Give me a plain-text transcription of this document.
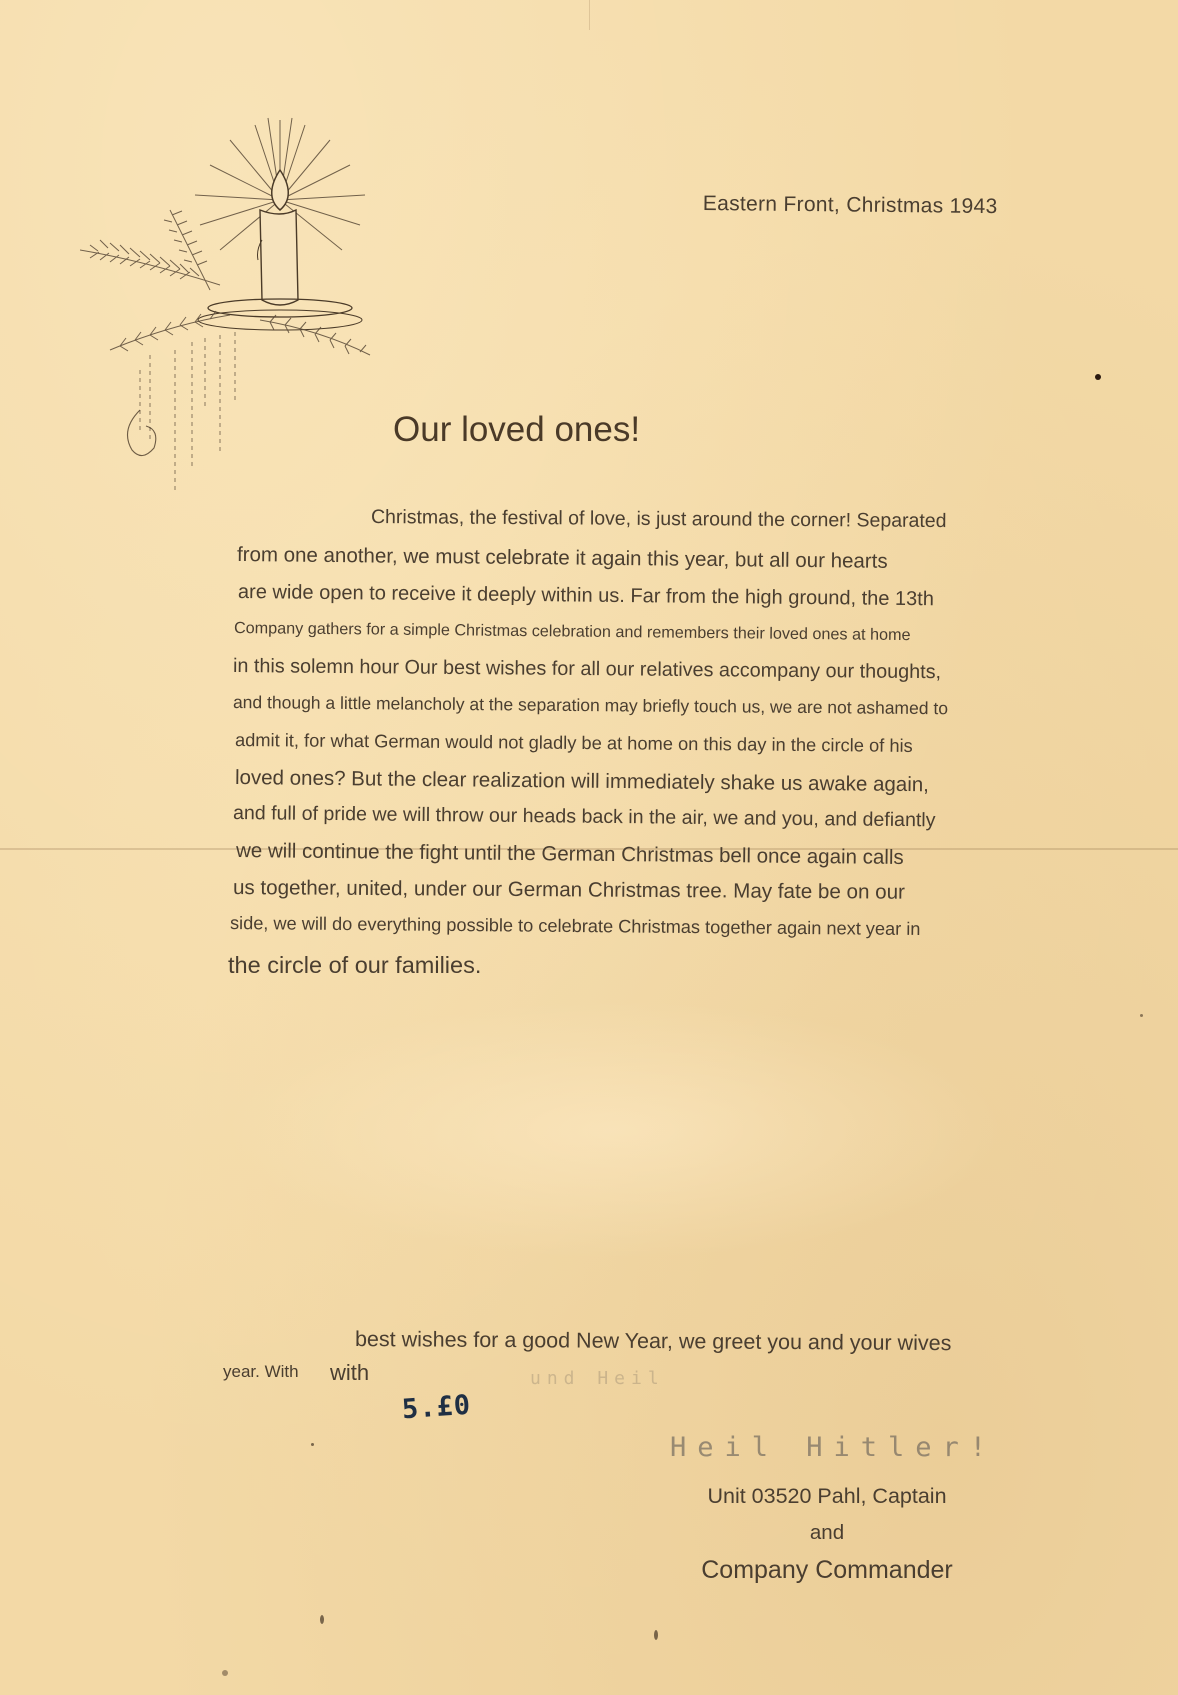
Eastern Front, Christmas 1943
Our loved ones!
Christmas, the festival of love, is just around the corner! Separated
from one another, we must celebrate it again this year, but all our hearts
are wide open to receive it deeply within us. Far from the high ground, the 13th
Company gathers for a simple Christmas celebration and remembers their loved ones at home
in this solemn hour Our best wishes for all our relatives accompany our thoughts,
and though a little melancholy at the separation may briefly touch us, we are not ashamed to
admit it, for what German would not gladly be at home on this day in the circle of his
loved ones? But the clear realization will immediately shake us awake again,
and full of pride we will throw our heads back in the air, we and you, and defiantly
we will continue the fight until the German Christmas bell once again calls
us together, united, under our German Christmas tree. May fate be on our
side, we will do everything possible to celebrate Christmas together again next year in
the circle of our families.
best wishes for a good New Year, we greet you and your wives
year. With with	und Heil
5.£0
Heil Hitler!
Unit 03520 Pahl, Captain
and
Company Commander
